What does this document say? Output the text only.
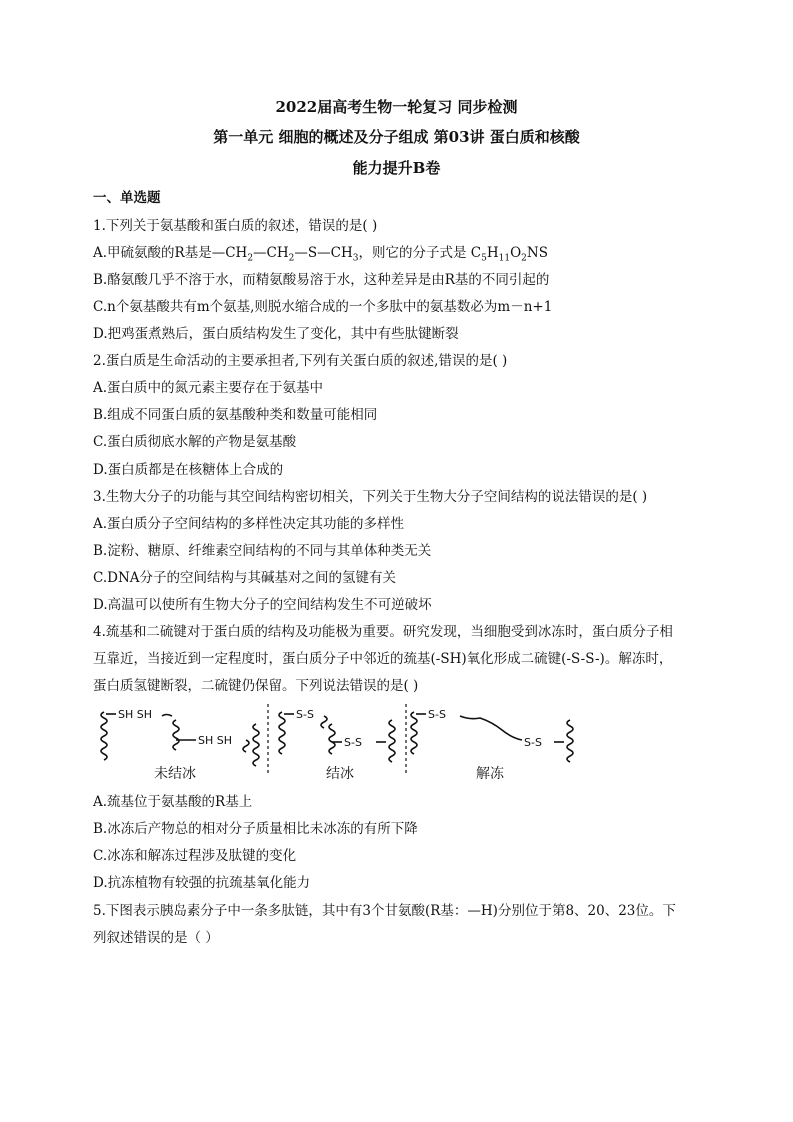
2022届高考生物一轮复习 同步检测
第一单元 细胞的概述及分子组成 第03讲 蛋白质和核酸
能力提升B卷
一、单选题
1.下列关于氨基酸和蛋白质的叙述，错误的是( )
A.甲硫氨酸的R基是$—CH_2—CH_2—S—CH_3$，则它的分子式是 $C_5H_{11}O_2NS$
B.酪氨酸几乎不溶于水，而精氨酸易溶于水，这种差异是由R基的不同引起的
C.n个氨基酸共有m个氨基,则脱水缩合成的一个多肽中的氨基数必为m－n+1
D.把鸡蛋煮熟后，蛋白质结构发生了变化，其中有些肽键断裂
2.蛋白质是生命活动的主要承担者,下列有关蛋白质的叙述,错误的是( )
A.蛋白质中的氮元素主要存在于氨基中
B.组成不同蛋白质的氨基酸种类和数量可能相同
C.蛋白质彻底水解的产物是氨基酸
D.蛋白质都是在核糖体上合成的
3.生物大分子的功能与其空间结构密切相关，下列关于生物大分子空间结构的说法错误的是( )
A.蛋白质分子空间结构的多样性决定其功能的多样性
B.淀粉、糖原、纤维素空间结构的不同与其单体种类无关
C.DNA分子的空间结构与其碱基对之间的氢键有关
D.高温可以使所有生物大分子的空间结构发生不可逆破坏
4.巯基和二硫键对于蛋白质的结构及功能极为重要。研究发现，当细胞受到冰冻时，蛋白质分子相
互靠近，当接近到一定程度时，蛋白质分子中邻近的巯基(-SH)氧化形成二硫键(-S-S-)。解冻时，
蛋白质氢键断裂，二硫键仍保留。下列说法错误的是( )
SH SH
SH SH
S-S
S-S
S-S
S-S
未结冰	结冰	解冻
A.巯基位于氨基酸的R基上
B.冰冻后产物总的相对分子质量相比未冰冻的有所下降
C.冰冻和解冻过程涉及肽键的变化
D.抗冻植物有较强的抗巯基氧化能力
5.下图表示胰岛素分子中一条多肽链，其中有3个甘氨酸(R基：—H)分别位于第8、20、23位。下
列叙述错误的是（ ）
